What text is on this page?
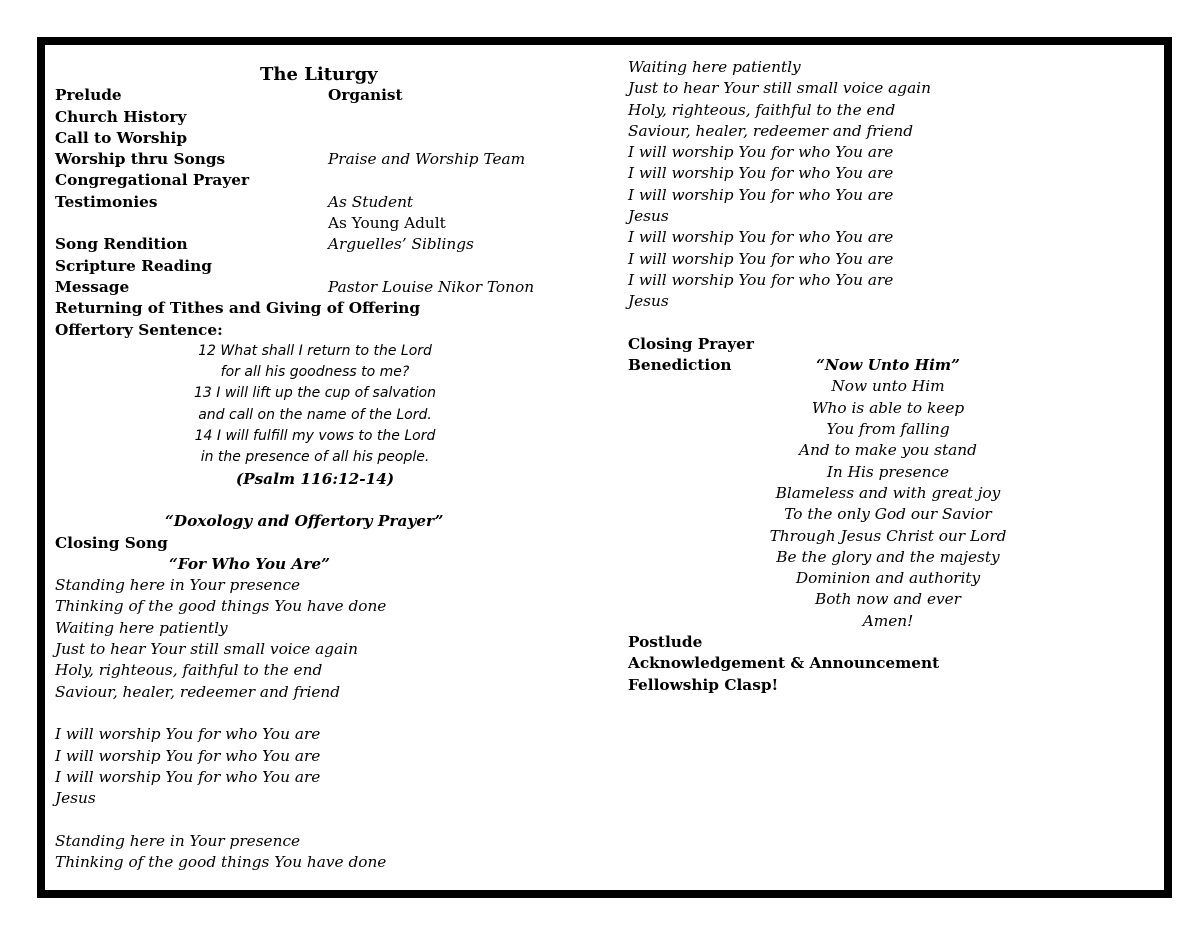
The Liturgy
Prelude	Organist
Church History
Call to Worship
Worship thru Songs	Praise and Worship Team
Congregational Prayer
Testimonies	As Student
As Young Adult
Song Rendition	Arguelles’ Siblings
Scripture Reading
Message	Pastor Louise Nikor Tonon
Returning of Tithes and Giving of Offering
Offertory Sentence:
12 What shall I return to the Lord
for all his goodness to me?
13 I will lift up the cup of salvation
and call on the name of the Lord.
14 I will fulfill my vows to the Lord
in the presence of all his people.
(Psalm 116:12-14)
“Doxology and Offertory Prayer”
Closing Song
“For Who You Are”
Standing here in Your presence
Thinking of the good things You have done
Waiting here patiently
Just to hear Your still small voice again
Holy, righteous, faithful to the end
Saviour, healer, redeemer and friend
I will worship You for who You are
I will worship You for who You are
I will worship You for who You are
Jesus
Standing here in Your presence
Thinking of the good things You have done
Waiting here patiently
Just to hear Your still small voice again
Holy, righteous, faithful to the end
Saviour, healer, redeemer and friend
I will worship You for who You are
I will worship You for who You are
I will worship You for who You are
Jesus
I will worship You for who You are
I will worship You for who You are
I will worship You for who You are
Jesus
Closing Prayer
Benediction	“Now Unto Him”
Now unto Him
Who is able to keep
You from falling
And to make you stand
In His presence
Blameless and with great joy
To the only God our Savior
Through Jesus Christ our Lord
Be the glory and the majesty
Dominion and authority
Both now and ever
Amen!
Postlude
Acknowledgement & Announcement
Fellowship Clasp!
